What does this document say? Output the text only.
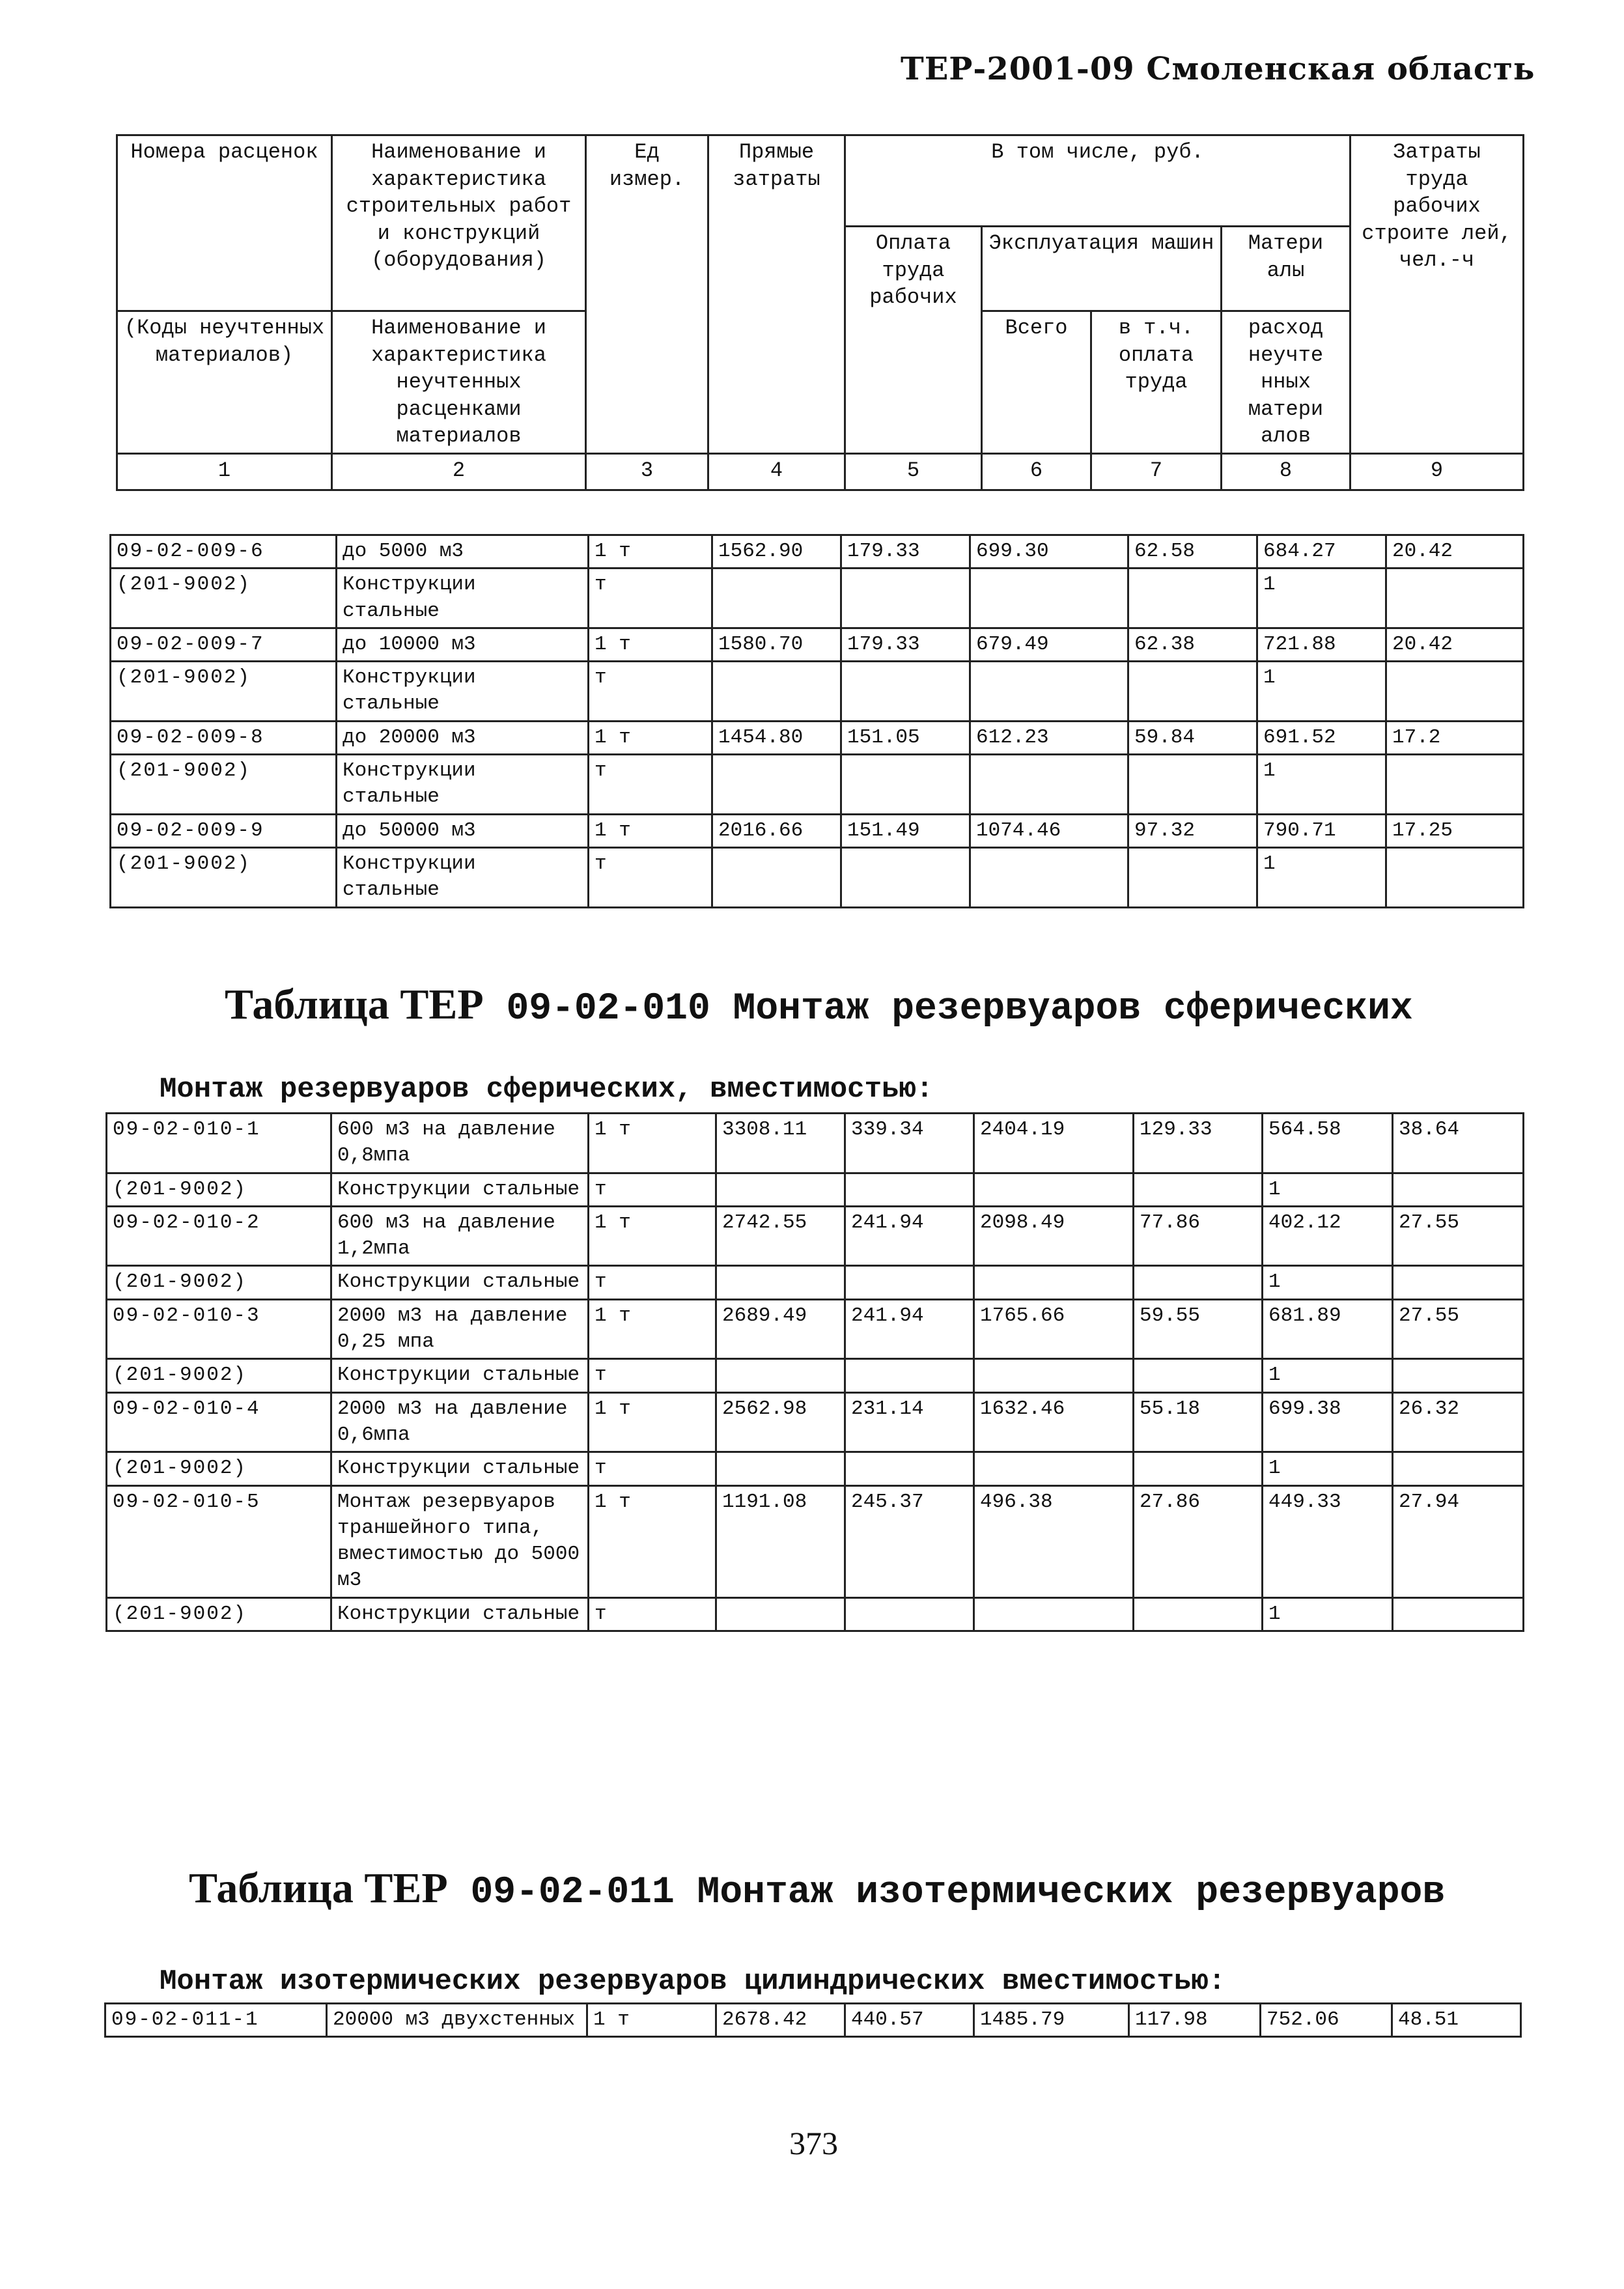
ТЕР-2001-09 Смоленская область
Номера расценок	Наименование и характеристика строительных работ и конструкций (оборудования)	Ед измер.	Прямые затраты	В том числе, руб.				Затраты труда рабочих строите лей, чел.-ч
				Оплата труда рабочих	Эксплуатация машин		Матери алы	
(Коды неучтенных материалов)	Наименование и характеристика неучтенных расценками материалов				Всего	в т.ч. оплата труда	расход неучте нных матери алов	

1	2	3	4	5	6	7	8	9
09-02-009-6	до 5000 м3	1 т	1562.90	179.33	699.30	62.58	684.27	20.42
(201-9002)	Конструкции стальные	т					1	
09-02-009-7	до 10000 м3	1 т	1580.70	179.33	679.49	62.38	721.88	20.42
(201-9002)	Конструкции стальные	т					1	
09-02-009-8	до 20000 м3	1 т	1454.80	151.05	612.23	59.84	691.52	17.2
(201-9002)	Конструкции стальные	т					1	
09-02-009-9	до 50000 м3	1 т	2016.66	151.49	1074.46	97.32	790.71	17.25
(201-9002)	Конструкции стальные	т					1	
Таблица ТЕР 09-02-010 Монтаж резервуаров сферических
Монтаж резервуаров сферических, вместимостью:
09-02-010-1	600 м3 на давление 0,8мпа	1 т	3308.11	339.34	2404.19	129.33	564.58	38.64
(201-9002)	Конструкции стальные	т					1	
09-02-010-2	600 м3 на давление 1,2мпа	1 т	2742.55	241.94	2098.49	77.86	402.12	27.55
(201-9002)	Конструкции стальные	т					1	
09-02-010-3	2000 м3 на давление 0,25 мпа	1 т	2689.49	241.94	1765.66	59.55	681.89	27.55
(201-9002)	Конструкции стальные	т					1	
09-02-010-4	2000 м3 на давление 0,6мпа	1 т	2562.98	231.14	1632.46	55.18	699.38	26.32
(201-9002)	Конструкции стальные	т					1	
09-02-010-5	Монтаж резервуаров траншейного типа, вместимостью до 5000 м3	1 т	1191.08	245.37	496.38	27.86	449.33	27.94
(201-9002)	Конструкции стальные	т					1	
Таблица ТЕР 09-02-011 Монтаж изотермических резервуаров
Монтаж изотермических резервуаров цилиндрических вместимостью:
09-02-011-1	20000 м3 двухстенных	1 т	2678.42	440.57	1485.79	117.98	752.06	48.51
373
